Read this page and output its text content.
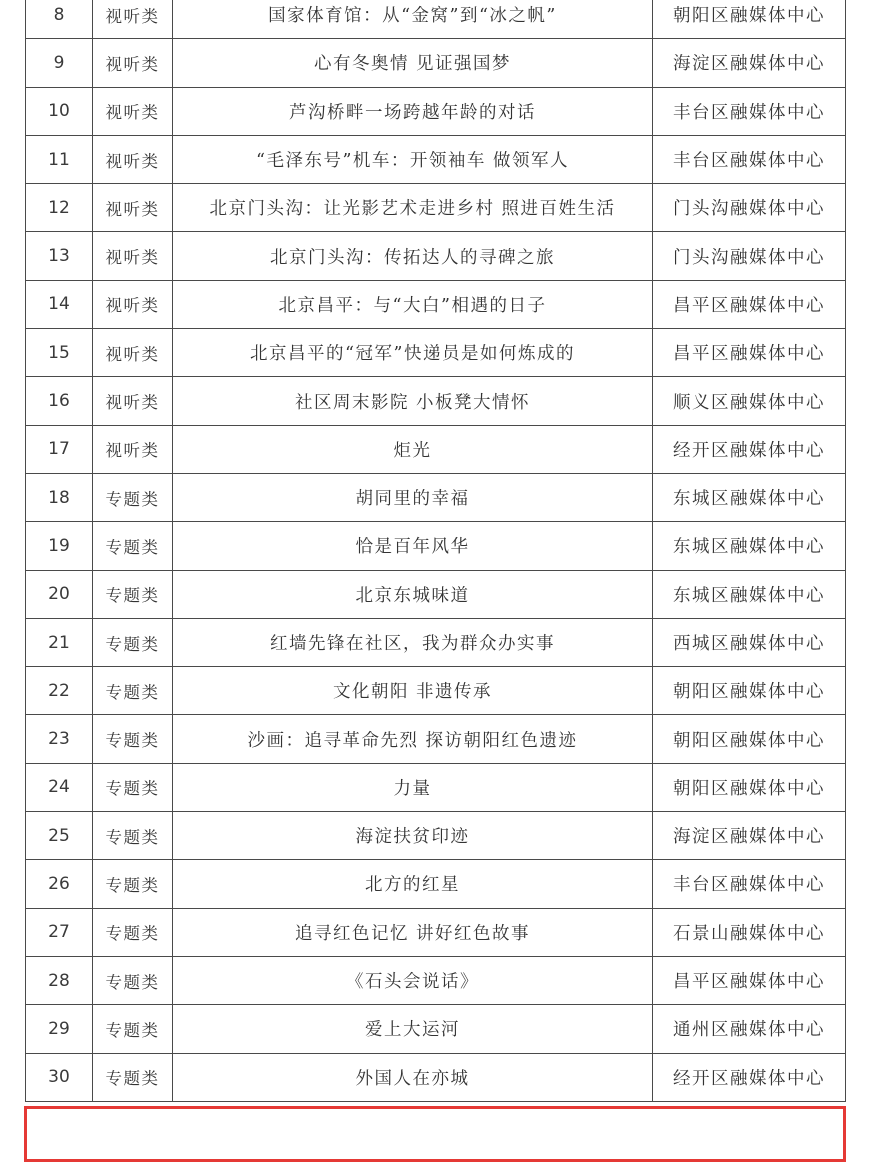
8	视听类	国家体育馆：从“金窝”到“冰之帆”	朝阳区融媒体中心
9	视听类	心有冬奥情 见证强国梦	海淀区融媒体中心
10	视听类	芦沟桥畔一场跨越年龄的对话	丰台区融媒体中心
11	视听类	“毛泽东号”机车：开领袖车 做领军人	丰台区融媒体中心
12	视听类	北京门头沟：让光影艺术走进乡村 照进百姓生活	门头沟融媒体中心
13	视听类	北京门头沟：传拓达人的寻碑之旅	门头沟融媒体中心
14	视听类	北京昌平：与“大白”相遇的日子	昌平区融媒体中心
15	视听类	北京昌平的“冠军”快递员是如何炼成的	昌平区融媒体中心
16	视听类	社区周末影院 小板凳大情怀	顺义区融媒体中心
17	视听类	炬光	经开区融媒体中心
18	专题类	胡同里的幸福	东城区融媒体中心
19	专题类	恰是百年风华	东城区融媒体中心
20	专题类	北京东城味道	东城区融媒体中心
21	专题类	红墙先锋在社区，我为群众办实事	西城区融媒体中心
22	专题类	文化朝阳 非遗传承	朝阳区融媒体中心
23	专题类	沙画：追寻革命先烈 探访朝阳红色遗迹	朝阳区融媒体中心
24	专题类	力量	朝阳区融媒体中心
25	专题类	海淀扶贫印迹	海淀区融媒体中心
26	专题类	北方的红星	丰台区融媒体中心
27	专题类	追寻红色记忆 讲好红色故事	石景山融媒体中心
28	专题类	《石头会说话》	昌平区融媒体中心
29	专题类	爱上大运河	通州区融媒体中心
30	专题类	外国人在亦城	经开区融媒体中心
